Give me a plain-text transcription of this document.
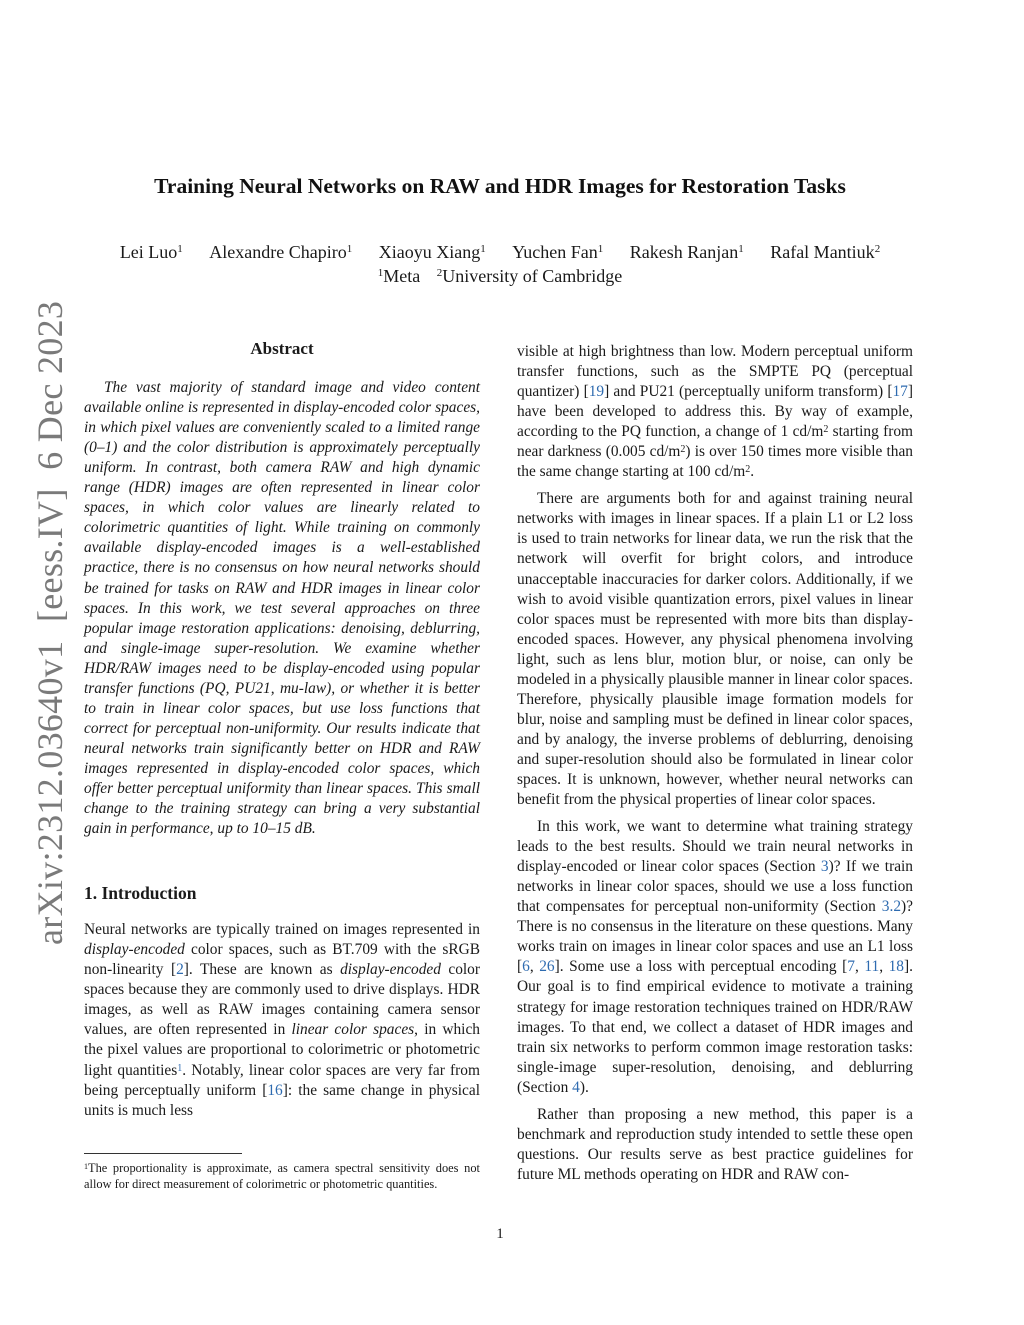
arXiv:2312.03640v1  [eess.IV]  6 Dec 2023
Training Neural Networks on RAW and HDR Images for Restoration Tasks
Lei Luo$^1$ Alexandre Chapiro$^1$ Xiaoyu Xiang$^1$ Yuchen Fan$^1$ Rakesh Ranjan$^1$ Rafal Mantiuk$^2$
$^1$Meta $^2$University of Cambridge
Abstract

The vast majority of standard image and video content available online is represented in display-encoded color spaces, in which pixel values are conveniently scaled to a limited range (0–1) and the color distribution is approximately perceptually uniform. In contrast, both camera RAW and high dynamic range (HDR) images are often represented in linear color spaces, in which color values are linearly related to colorimetric quantities of light. While training on commonly available display-encoded images is a well-established practice, there is no consensus on how neural networks should be trained for tasks on RAW and HDR images in linear color spaces. In this work, we test several approaches on three popular image restoration applications: denoising, deblurring, and single-image super-resolution. We examine whether HDR/RAW images need to be display-encoded using popular transfer functions (PQ, PU21, mu-law), or whether it is better to train in linear color spaces, but use loss functions that correct for perceptual non-uniformity. Our results indicate that neural networks train significantly better on HDR and RAW images represented in display-encoded color spaces, which offer better perceptual uniformity than linear spaces. This small change to the training strategy can bring a very substantial gain in performance, up to 10–15 dB.

1. Introduction

Neural networks are typically trained on images represented in display-encoded color spaces, such as BT.709 with the sRGB non-linearity [2]. These are known as display-encoded color spaces because they are commonly used to drive displays. HDR images, as well as RAW images containing camera sensor values, are often represented in linear color spaces, in which the pixel values are proportional to colorimetric or photometric light quantities$^1$. Notably, linear color spaces are very far from being perceptually uniform [16]: the same change in physical units is much less

$^1$The proportionality is approximate, as camera spectral sensitivity does not allow for direct measurement of colorimetric or photometric quantities.

visible at high brightness than low. Modern perceptual uniform transfer functions, such as the SMPTE PQ (perceptual quantizer) [19] and PU21 (perceptually uniform transform) [17] have been developed to address this. By way of example, according to the PQ function, a change of 1 $cd/m^2$ starting from near darkness (0.005 $cd/m^2$) is over 150 times more visible than the same change starting at 100 $cd/m^2$.

There are arguments both for and against training neural networks with images in linear spaces. If a plain L1 or L2 loss is used to train networks for linear data, we run the risk that the network will overfit for bright colors, and introduce unacceptable inaccuracies for darker colors. Additionally, if we wish to avoid visible quantization errors, pixel values in linear color spaces must be represented with more bits than display-encoded spaces. However, any physical phenomena involving light, such as lens blur, motion blur, or noise, can only be modeled in a physically plausible manner in linear color spaces. Therefore, physically plausible image formation models for blur, noise and sampling must be defined in linear color spaces, and by analogy, the inverse problems of deblurring, denoising and super-resolution should also be formulated in linear color spaces. It is unknown, however, whether neural networks can benefit from the physical properties of linear color spaces.

In this work, we want to determine what training strategy leads to the best results. Should we train neural networks in display-encoded or linear color spaces (Section 3)? If we train networks in linear color spaces, should we use a loss function that compensates for perceptual non-uniformity (Section 3.2)? There is no consensus in the literature on these questions. Many works train on images in linear color spaces and use an L1 loss [6, 26]. Some use a loss with perceptual encoding [7, 11, 18]. Our goal is to find empirical evidence to motivate a training strategy for image restoration techniques trained on HDR/RAW images. To that end, we collect a dataset of HDR images and train six networks to perform common image restoration tasks: single-image super-resolution, denoising, and deblurring (Section 4).

Rather than proposing a new method, this paper is a benchmark and reproduction study intended to settle these open questions. Our results serve as best practice guidelines for future ML methods operating on HDR and RAW con-

1
